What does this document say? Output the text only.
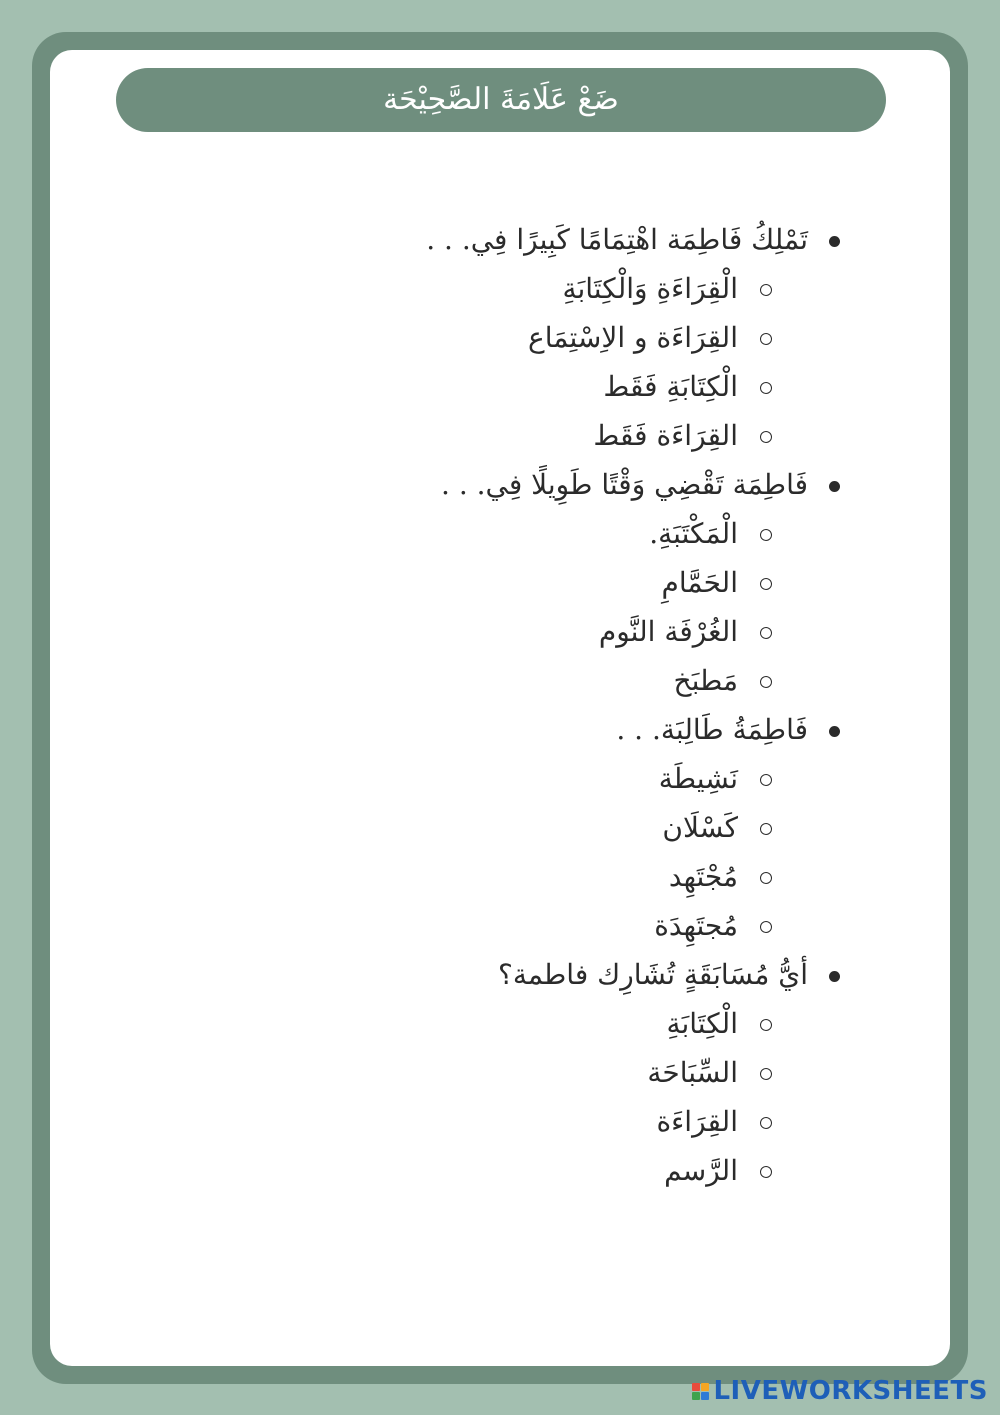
ضَعْ عَلَامَةَ الصَّحِيْحَة
تَمْلِكُ فَاطِمَة اهْتِمَامًا كَبِيرًا فِي. . .
الْقِرَاءَةِ وَالْكِتَابَةِ
القِرَاءَة و الاِسْتِمَاع
الْكِتَابَةِ فَقَط
القِرَاءَة فَقَط
فَاطِمَة تَقْضِي وَقْتًا طَوِيلًا فِي. . .
الْمَكْتَبَةِ.
الحَمَّامِ
الغُرْفَة النَّوم
مَطبَخ
فَاطِمَةُ طَالِبَة. . .
نَشِيطَة
كَسْلَان
مُجْتَهِد
مُجتَهِدَة
أيُّ مُسَابَقَةٍ تُشَارِك فاطمة؟
الْكِتَابَةِ
السِّبَاحَة
القِرَاءَة
الرَّسم
LIVEWORKSHEETS
